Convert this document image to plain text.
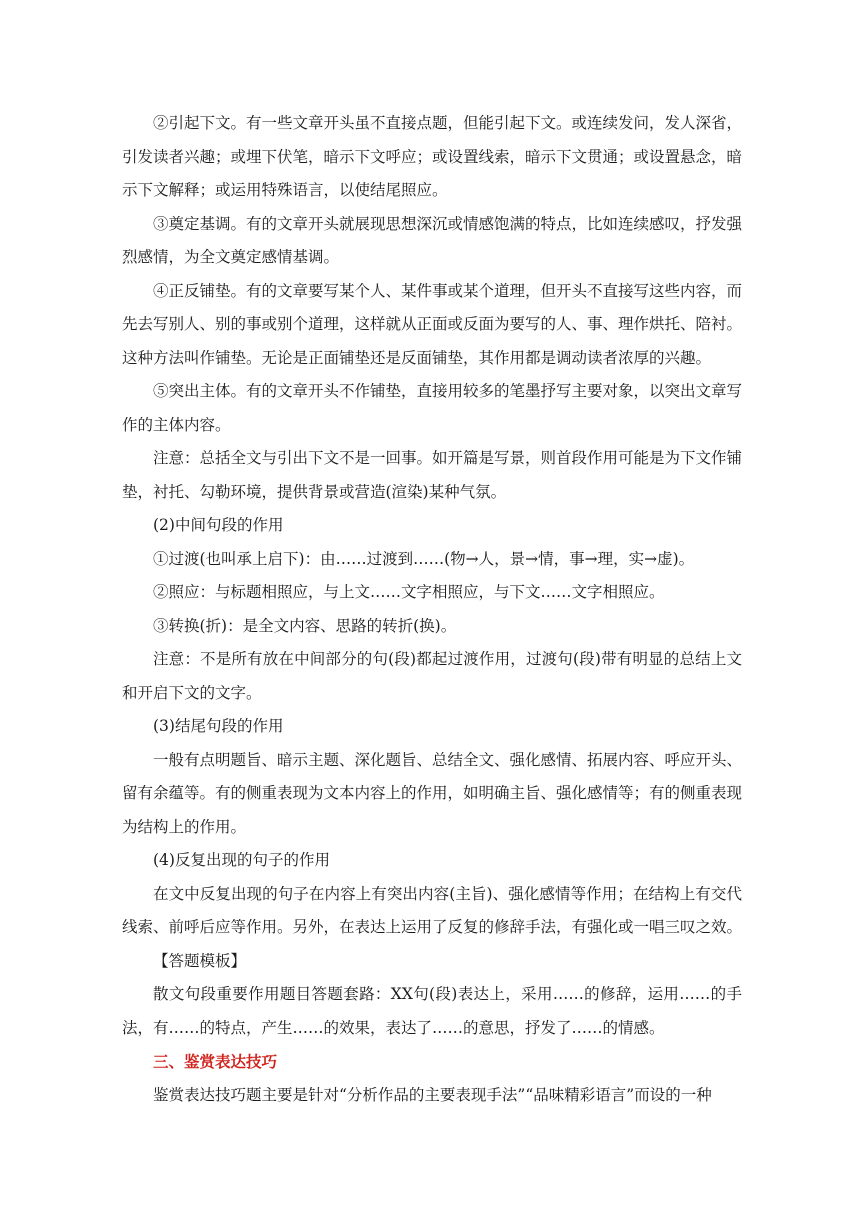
②引起下文。有一些文章开头虽不直接点题，但能引起下文。或连续发问，发人深省，引发读者兴趣；或埋下伏笔，暗示下文呼应；或设置线索，暗示下文贯通；或设置悬念，暗示下文解释；或运用特殊语言，以使结尾照应。

③奠定基调。有的文章开头就展现思想深沉或情感饱满的特点，比如连续感叹，抒发强烈感情，为全文奠定感情基调。

④正反铺垫。有的文章要写某个人、某件事或某个道理，但开头不直接写这些内容，而先去写别人、别的事或别个道理，这样就从正面或反面为要写的人、事、理作烘托、陪衬。这种方法叫作铺垫。无论是正面铺垫还是反面铺垫，其作用都是调动读者浓厚的兴趣。

⑤突出主体。有的文章开头不作铺垫，直接用较多的笔墨抒写主要对象，以突出文章写作的主体内容。

注意：总括全文与引出下文不是一回事。如开篇是写景，则首段作用可能是为下文作铺垫，衬托、勾勒环境，提供背景或营造(渲染)某种气氛。

(2)中间句段的作用

①过渡(也叫承上启下)：由……过渡到……(物→人，景→情，事→理，实→虚)。

②照应：与标题相照应，与上文……文字相照应，与下文……文字相照应。

③转换(折)：是全文内容、思路的转折(换)。

注意：不是所有放在中间部分的句(段)都起过渡作用，过渡句(段)带有明显的总结上文和开启下文的文字。

(3)结尾句段的作用

一般有点明题旨、暗示主题、深化题旨、总结全文、强化感情、拓展内容、呼应开头、留有余蕴等。有的侧重表现为文本内容上的作用，如明确主旨、强化感情等；有的侧重表现为结构上的作用。

(4)反复出现的句子的作用

在文中反复出现的句子在内容上有突出内容(主旨)、强化感情等作用；在结构上有交代线索、前呼后应等作用。另外，在表达上运用了反复的修辞手法，有强化或一唱三叹之效。

【答题模板】

散文句段重要作用题目答题套路：XX句(段)表达上，采用……的修辞，运用……的手法，有……的特点，产生……的效果，表达了……的意思，抒发了……的情感。

三、鉴赏表达技巧

鉴赏表达技巧题主要是针对“分析作品的主要表现手法”“品味精彩语言”而设的一种
